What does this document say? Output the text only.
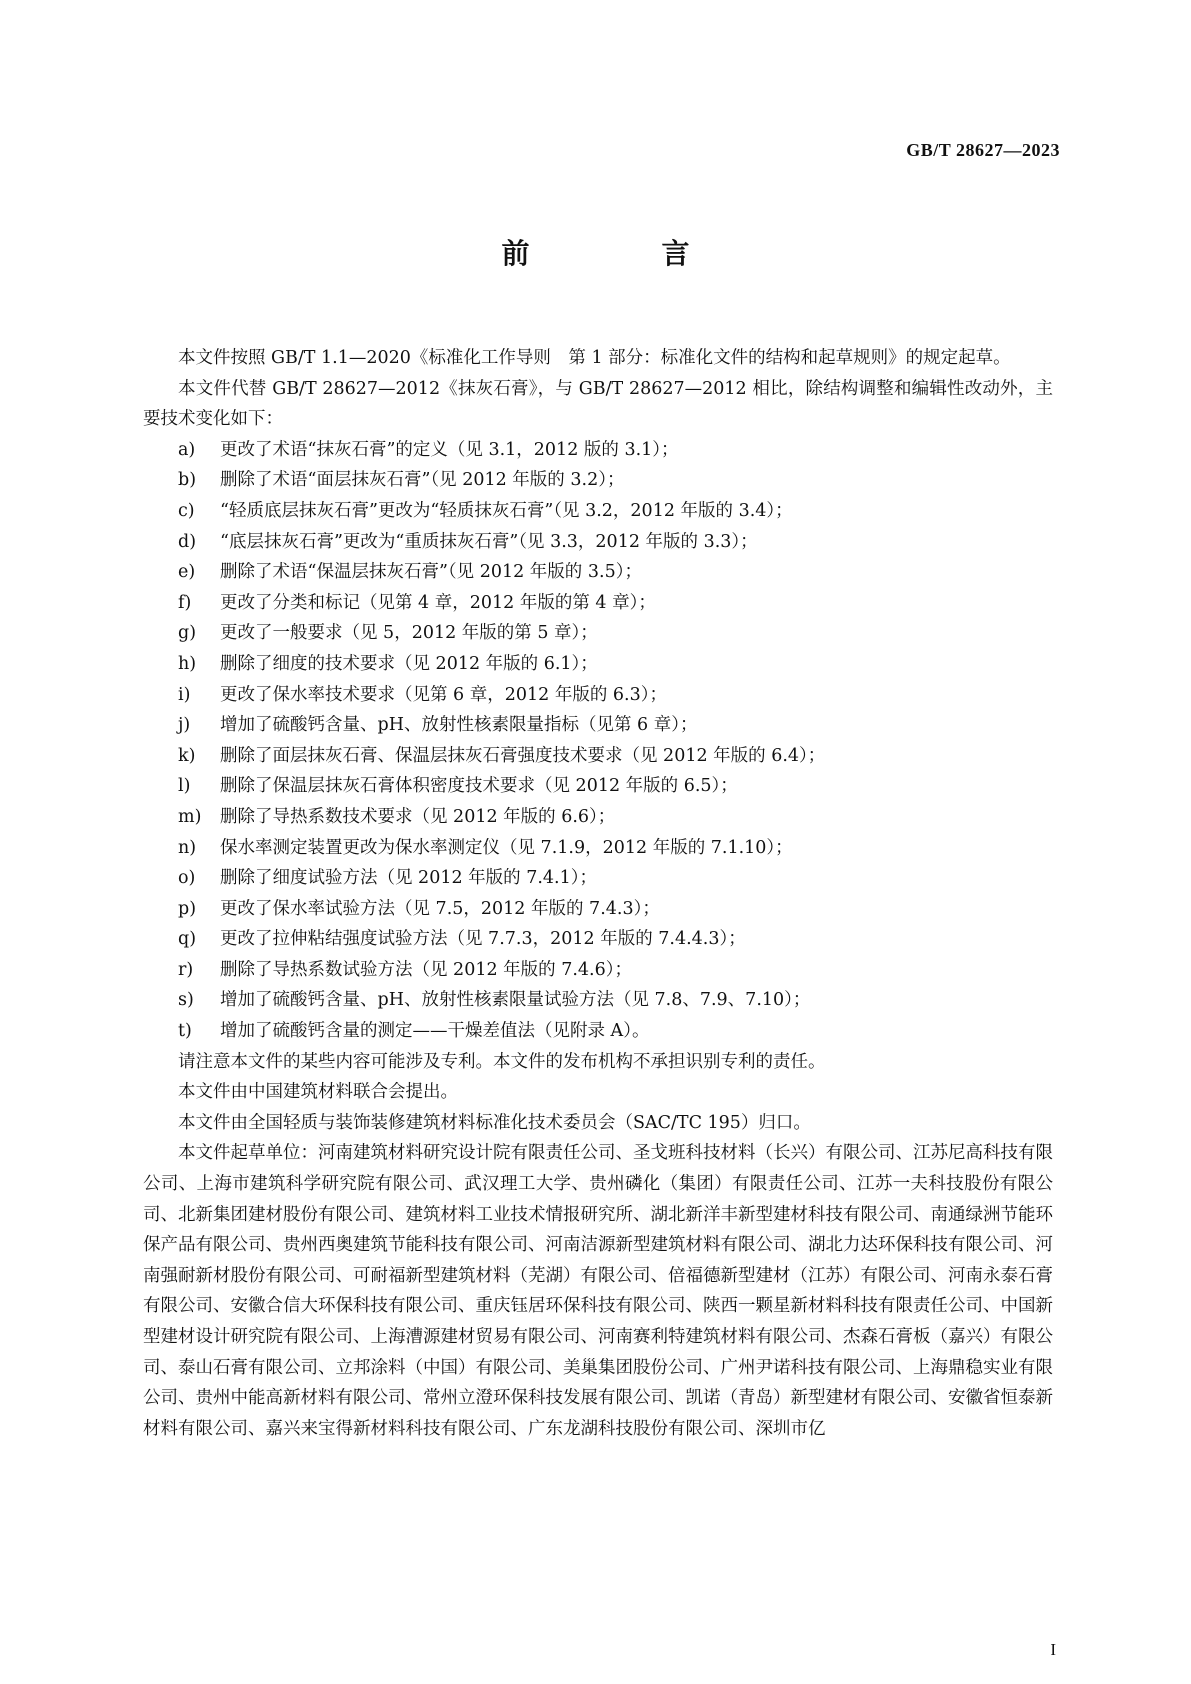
GB/T 28627—2023
前　言

本文件按照 GB/T 1.1—2020《标准化工作导则　第 1 部分：标准化文件的结构和起草规则》的规定起草。

本文件代替 GB/T 28627—2012《抹灰石膏》，与 GB/T 28627—2012 相比，除结构调整和编辑性改动外，主要技术变化如下：

a)	更改了术语“抹灰石膏”的定义（见 3.1，2012 版的 3.1）；
b)	删除了术语“面层抹灰石膏”（见 2012 年版的 3.2）；
c)	“轻质底层抹灰石膏”更改为“轻质抹灰石膏”（见 3.2，2012 年版的 3.4）；
d)	“底层抹灰石膏”更改为“重质抹灰石膏”（见 3.3，2012 年版的 3.3）；
e)	删除了术语“保温层抹灰石膏”（见 2012 年版的 3.5）；
f)	更改了分类和标记（见第 4 章，2012 年版的第 4 章）；
g)	更改了一般要求（见 5，2012 年版的第 5 章）；
h)	删除了细度的技术要求（见 2012 年版的 6.1）；
i)	更改了保水率技术要求（见第 6 章，2012 年版的 6.3）；
j)	增加了硫酸钙含量、pH、放射性核素限量指标（见第 6 章）；
k)	删除了面层抹灰石膏、保温层抹灰石膏强度技术要求（见 2012 年版的 6.4）；
l)	删除了保温层抹灰石膏体积密度技术要求（见 2012 年版的 6.5）；
m)	删除了导热系数技术要求（见 2012 年版的 6.6）；
n)	保水率测定装置更改为保水率测定仪（见 7.1.9，2012 年版的 7.1.10）；
o)	删除了细度试验方法（见 2012 年版的 7.4.1）；
p)	更改了保水率试验方法（见 7.5，2012 年版的 7.4.3）；
q)	更改了拉伸粘结强度试验方法（见 7.7.3，2012 年版的 7.4.4.3）；
r)	删除了导热系数试验方法（见 2012 年版的 7.4.6）；
s)	增加了硫酸钙含量、pH、放射性核素限量试验方法（见 7.8、7.9、7.10）；
t)	增加了硫酸钙含量的测定——干燥差值法（见附录 A）。

请注意本文件的某些内容可能涉及专利。本文件的发布机构不承担识别专利的责任。

本文件由中国建筑材料联合会提出。

本文件由全国轻质与装饰装修建筑材料标准化技术委员会（SAC/TC 195）归口。

本文件起草单位：河南建筑材料研究设计院有限责任公司、圣戈班科技材料（长兴）有限公司、江苏尼高科技有限公司、上海市建筑科学研究院有限公司、武汉理工大学、贵州磷化（集团）有限责任公司、江苏一夫科技股份有限公司、北新集团建材股份有限公司、建筑材料工业技术情报研究所、湖北新洋丰新型建材科技有限公司、南通绿洲节能环保产品有限公司、贵州西奥建筑节能科技有限公司、河南洁源新型建筑材料有限公司、湖北力达环保科技有限公司、河南强耐新材股份有限公司、可耐福新型建筑材料（芜湖）有限公司、倍福德新型建材（江苏）有限公司、河南永泰石膏有限公司、安徽合信大环保科技有限公司、重庆钰居环保科技有限公司、陕西一颗星新材料科技有限责任公司、中国新型建材设计研究院有限公司、上海漕源建材贸易有限公司、河南赛利特建筑材料有限公司、杰森石膏板（嘉兴）有限公司、泰山石膏有限公司、立邦涂料（中国）有限公司、美巢集团股份公司、广州尹诺科技有限公司、上海鼎稳实业有限公司、贵州中能高新材料有限公司、常州立澄环保科技发展有限公司、凯诺（青岛）新型建材有限公司、安徽省恒泰新材料有限公司、嘉兴来宝得新材料科技有限公司、广东龙湖科技股份有限公司、深圳市亿

I
